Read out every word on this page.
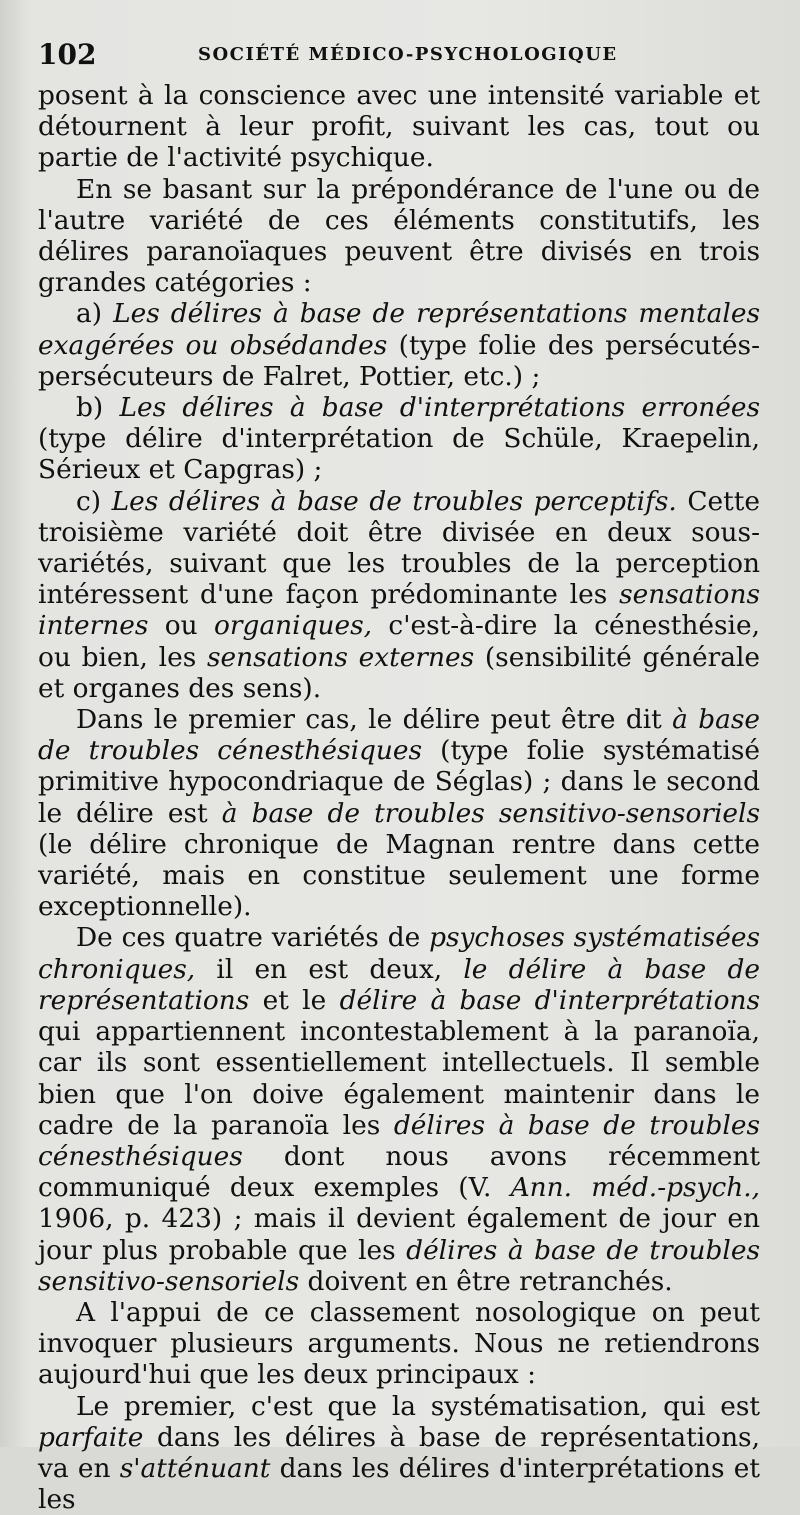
102	SOCIÉTÉ MÉDICO-PSYCHOLOGIQUE

posent à la conscience avec une intensité variable et détournent à leur profit, suivant les cas, tout ou partie de l'activité psychique.

En se basant sur la prépondérance de l'une ou de l'autre variété de ces éléments constitutifs, les délires paranoïaques peuvent être divisés en trois grandes catégories :

a) Les délires à base de représentations mentales exagérées ou obsédandes (type folie des persécutés-persécuteurs de Falret, Pottier, etc.) ;

b) Les délires à base d'interprétations erronées (type délire d'interprétation de Schüle, Kraepelin, Sérieux et Capgras) ;

c) Les délires à base de troubles perceptifs. Cette troisième variété doit être divisée en deux sous-variétés, suivant que les troubles de la perception intéressent d'une façon prédominante les sensations internes ou organiques, c'est-à-dire la cénesthésie, ou bien, les sensations externes (sensibilité générale et organes des sens).

Dans le premier cas, le délire peut être dit à base de troubles cénesthésiques (type folie systématisé primitive hypocondriaque de Séglas) ; dans le second le délire est à base de troubles sensitivo-sensoriels (le délire chronique de Magnan rentre dans cette variété, mais en constitue seulement une forme exceptionnelle).

De ces quatre variétés de psychoses systématisées chroniques, il en est deux, le délire à base de représentations et le délire à base d'interprétations qui appartiennent incontestablement à la paranoïa, car ils sont essentiellement intellectuels. Il semble bien que l'on doive également maintenir dans le cadre de la paranoïa les délires à base de troubles cénesthésiques dont nous avons récemment communiqué deux exemples (V. Ann. méd.-psych., 1906, p. 423) ; mais il devient également de jour en jour plus probable que les délires à base de troubles sensitivo-sensoriels doivent en être retranchés.

A l'appui de ce classement nosologique on peut invoquer plusieurs arguments. Nous ne retiendrons aujourd'hui que les deux principaux :

Le premier, c'est que la systématisation, qui est parfaite dans les délires à base de représentations, va en s'atténuant dans les délires d'interprétations et les
